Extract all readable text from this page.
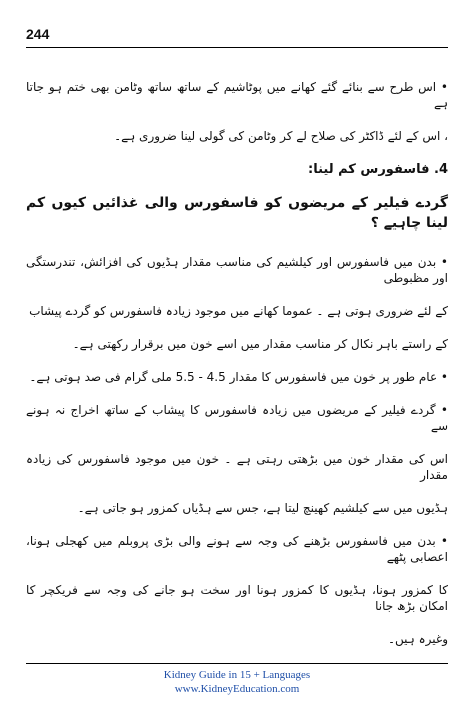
244

• اس طرح سے بنائے گئے کھانے میں پوٹاشیم کے ساتھ ساتھ وٹامن بھی ختم ہو جاتا ہے

، اس کے لئے ڈاکٹر کی صلاح لے کر وٹامن کی گولی لینا ضروری ہے۔

4. فاسفورس کم لینا:

گردے فیلیر کے مریضوں کو فاسفورس والی غذائیں کیوں کم لینا چاہیے ؟

• بدن میں فاسفورس اور کیلشیم کی مناسب مقدار ہڈیوں کی افزائش، تندرستگی اور مظبوطی

کے لئے ضروری ہوتی ہے ۔ عموما کھانے میں موجود زیادہ فاسفورس کو گردے پیشاب

کے راستے باہر نکال کر مناسب مقدار میں اسے خون میں برقرار رکھتی ہے۔

• عام طور پر خون میں فاسفورس کا مقدار 4.5 - 5.5 ملی گرام فی صد ہوتی ہے۔

• گردے فیلیر کے مریضوں میں زیادہ فاسفورس کا پیشاب کے ساتھ اخراج نہ ہونے سے

اس کی مقدار خون میں بڑھتی رہتی ہے ۔ خون میں موجود فاسفورس کی زیادہ مقدار

ہڈیوں میں سے کیلشیم کھینچ لیتا ہے، جس سے ہڈیاں کمزور ہو جاتی ہے۔

• بدن میں فاسفورس بڑھنے کی وجہ سے ہونے والی بڑی پروبلم میں کھجلی ہونا، اعصابی پٹھے

کا کمزور ہونا، ہڈیوں کا کمزور ہونا اور سخت ہو جانے کی وجہ سے فریکچر کا امکان بڑھ جانا

وغیرہ ہیں۔

Kidney Guide in 15 + Languages
www.KidneyEducation.com
